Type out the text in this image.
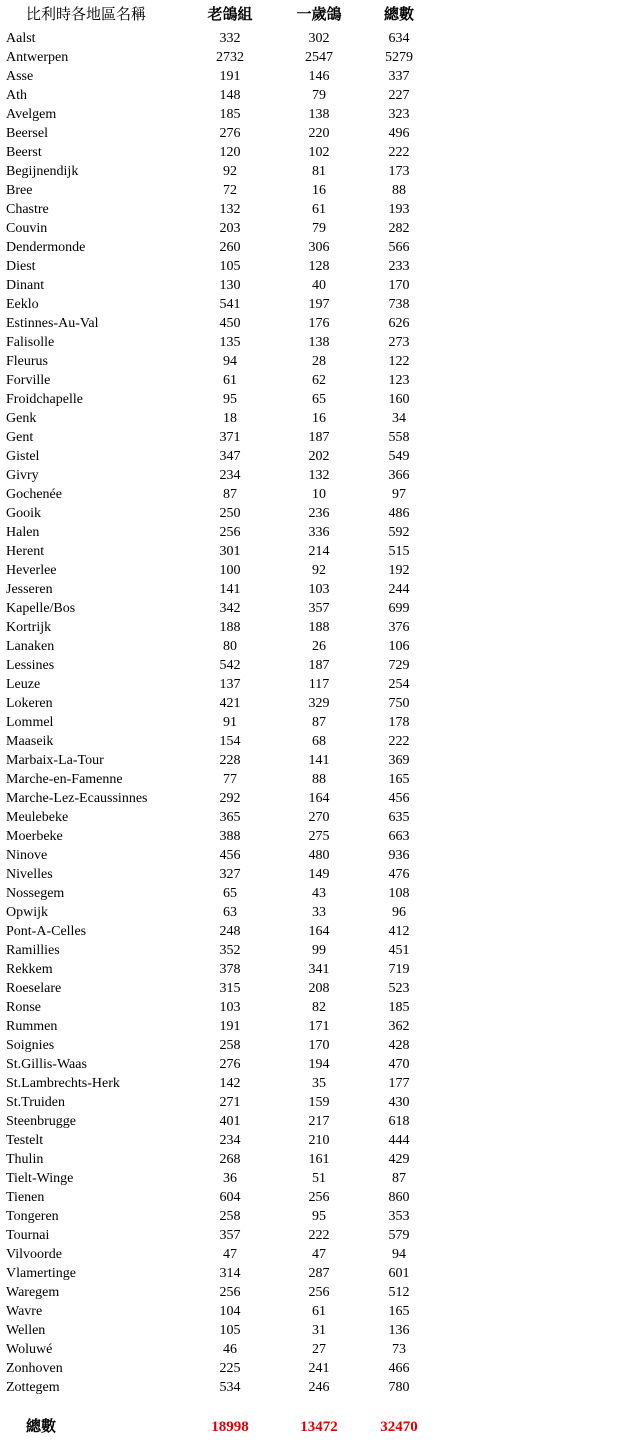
比利時各地區名稱	老鴿組	一歲鴿	總數
Aalst	332	302	634
Antwerpen	2732	2547	5279
Asse	191	146	337
Ath	148	79	227
Avelgem	185	138	323
Beersel	276	220	496
Beerst	120	102	222
Begijnendijk	92	81	173
Bree	72	16	88
Chastre	132	61	193
Couvin	203	79	282
Dendermonde	260	306	566
Diest	105	128	233
Dinant	130	40	170
Eeklo	541	197	738
Estinnes-Au-Val	450	176	626
Falisolle	135	138	273
Fleurus	94	28	122
Forville	61	62	123
Froidchapelle	95	65	160
Genk	18	16	34
Gent	371	187	558
Gistel	347	202	549
Givry	234	132	366
Gochenée	87	10	97
Gooik	250	236	486
Halen	256	336	592
Herent	301	214	515
Heverlee	100	92	192
Jesseren	141	103	244
Kapelle/Bos	342	357	699
Kortrijk	188	188	376
Lanaken	80	26	106
Lessines	542	187	729
Leuze	137	117	254
Lokeren	421	329	750
Lommel	91	87	178
Maaseik	154	68	222
Marbaix-La-Tour	228	141	369
Marche-en-Famenne	77	88	165
Marche-Lez-Ecaussinnes	292	164	456
Meulebeke	365	270	635
Moerbeke	388	275	663
Ninove	456	480	936
Nivelles	327	149	476
Nossegem	65	43	108
Opwijk	63	33	96
Pont-A-Celles	248	164	412
Ramillies	352	99	451
Rekkem	378	341	719
Roeselare	315	208	523
Ronse	103	82	185
Rummen	191	171	362
Soignies	258	170	428
St.Gillis-Waas	276	194	470
St.Lambrechts-Herk	142	35	177
St.Truiden	271	159	430
Steenbrugge	401	217	618
Testelt	234	210	444
Thulin	268	161	429
Tielt-Winge	36	51	87
Tienen	604	256	860
Tongeren	258	95	353
Tournai	357	222	579
Vilvoorde	47	47	94
Vlamertinge	314	287	601
Waregem	256	256	512
Wavre	104	61	165
Wellen	105	31	136
Woluwé	46	27	73
Zonhoven	225	241	466
Zottegem	534	246	780
總數	18998	13472	32470
